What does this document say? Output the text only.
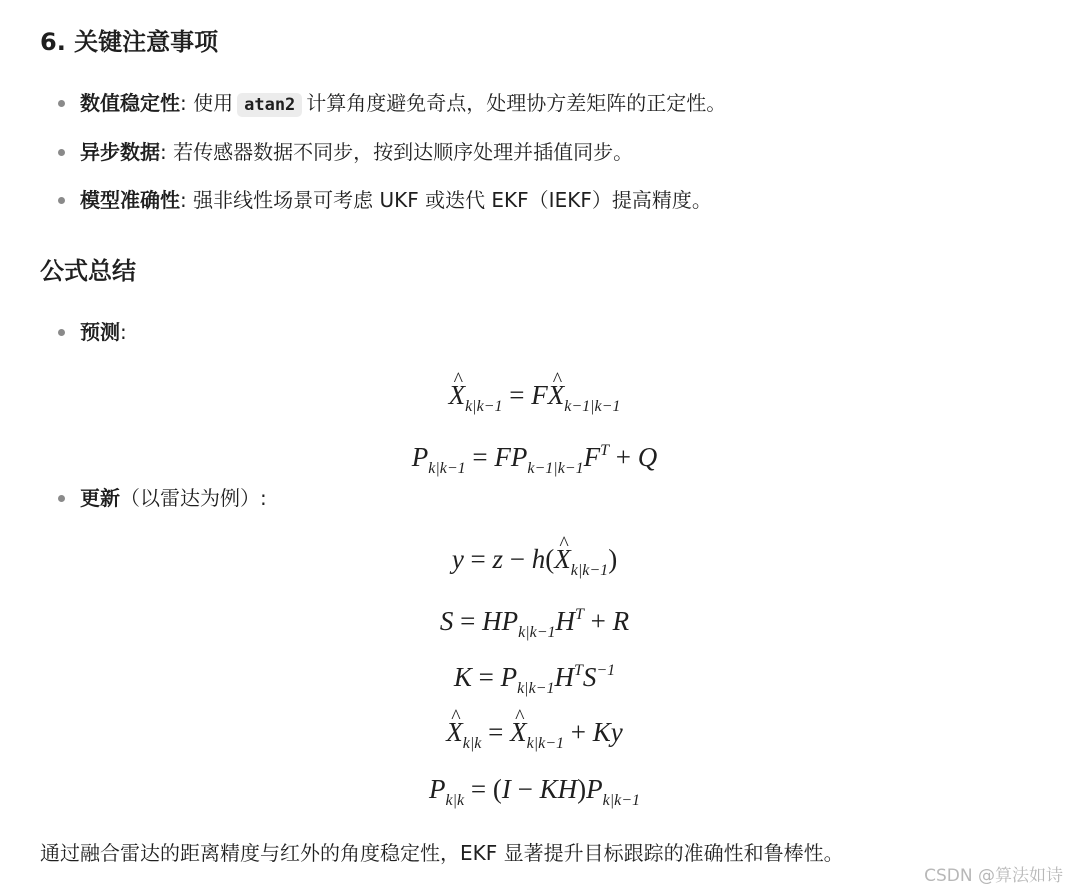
6. 关键注意事项
数值稳定性: 使用 atan2 计算角度避免奇点，处理协方差矩阵的正定性。
异步数据: 若传感器数据不同步，按到达顺序处理并插值同步。
模型准确性: 强非线性场景可考虑 UKF 或迭代 EKF（IEKF）提高精度。
公式总结
预测:
^ $X_{k|k-1}$ = F^ $X_{k-1|k-1}$
$P_{k|k-1} = FP_{k-1|k-1}F^T + Q$
更新（以雷达为例）:
y = z − h(^ $X_{k|k-1}$)
$S = HP_{k|k-1}H^T + R$
$K = P_{k|k-1}H^TS^{-1}$
^ $X_{k|k}$ = ^ $X_{k|k-1} + Ky$
$P_{k|k} = (I - KH)P_{k|k-1}$
通过融合雷达的距离精度与红外的角度稳定性，EKF 显著提升目标跟踪的准确性和鲁棒性。
CSDN @算法如诗
